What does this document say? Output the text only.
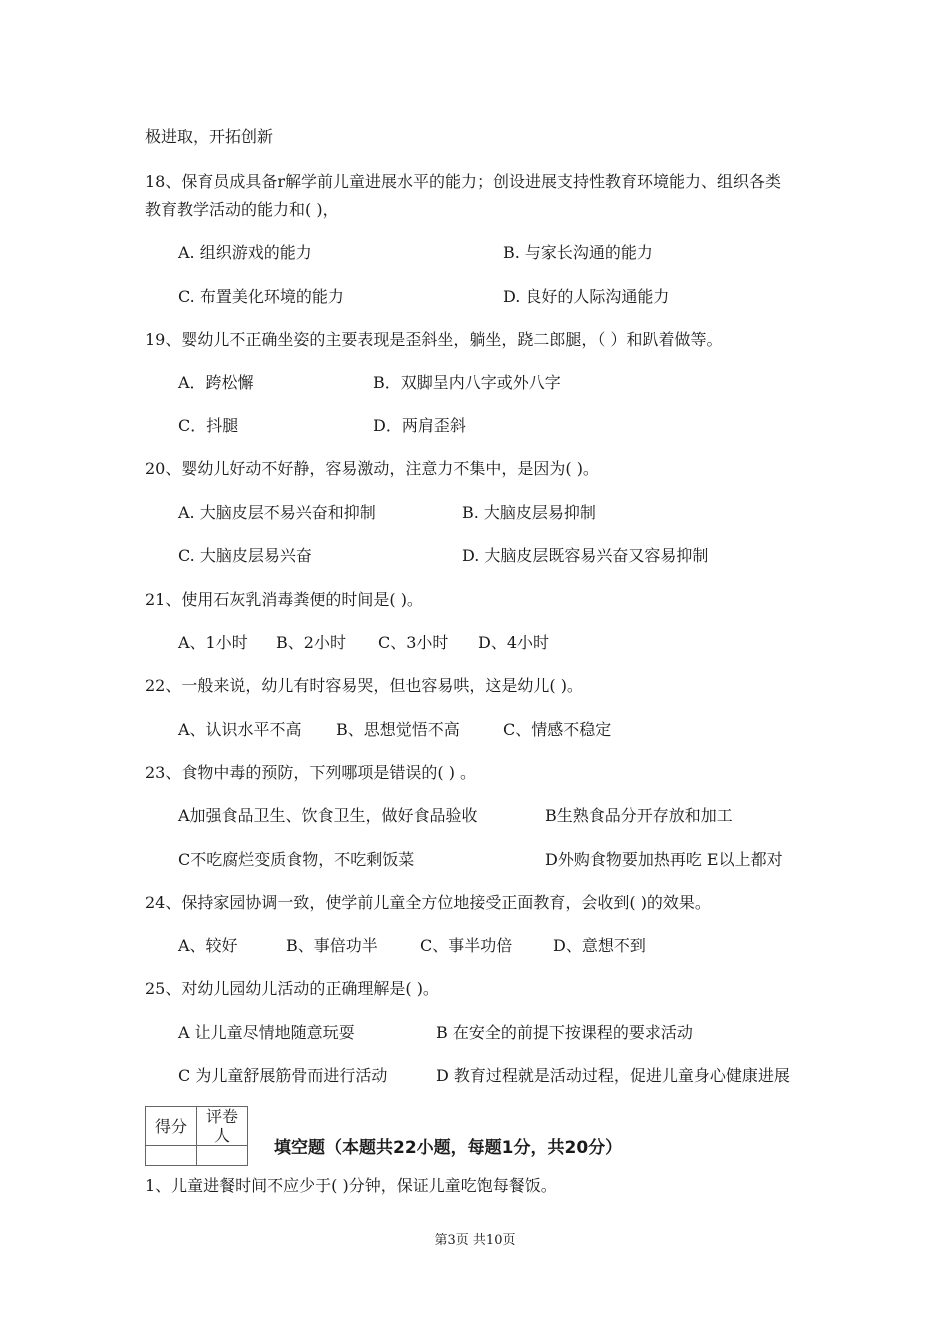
极进取，开拓创新
18、保育员成具备r解学前儿童进展水平的能力；创设进展支持性教育环境能力、组织各类
教育教学活动的能力和( )，
A. 组织游戏的能力	B. 与家长沟通的能力
C. 布置美化环境的能力	D. 良好的人际沟通能力
19、婴幼儿不正确坐姿的主要表现是歪斜坐，躺坐，跷二郎腿，（ ）和趴着做等。
A．跨松懈	B．双脚呈内八字或外八字
C．抖腿	D．两肩歪斜
20、婴幼儿好动不好静，容易激动，注意力不集中，是因为( )。
A. 大脑皮层不易兴奋和抑制	B. 大脑皮层易抑制
C. 大脑皮层易兴奋	D. 大脑皮层既容易兴奋又容易抑制
21、使用石灰乳消毒粪便的时间是( )。
A、1小时 B、2小时 C、3小时 D、4小时
22、一般来说，幼儿有时容易哭，但也容易哄，这是幼儿( )。
A、认识水平不高 B、思想觉悟不高	C、情感不稳定
23、食物中毒的预防，下列哪项是错误的( ) 。
A加强食品卫生、饮食卫生，做好食品验收	B生熟食品分开存放和加工
C不吃腐烂变质食物，不吃剩饭菜	D外购食物要加热再吃 E以上都对
24、保持家园协调一致，使学前儿童全方位地接受正面教育，会收到( )的效果。
A、较好	B、事倍功半	C、事半功倍	D、意想不到
25、对幼儿园幼儿活动的正确理解是( )。
A 让儿童尽情地随意玩耍	B 在安全的前提下按课程的要求活动
C 为儿童舒展筋骨而进行活动	D 教育过程就是活动过程，促进儿童身心健康进展
得分	评卷人

填空题（本题共22小题，每题1分，共20分）
1、儿童进餐时间不应少于( )分钟，保证儿童吃饱每餐饭。
第3页 共10页
